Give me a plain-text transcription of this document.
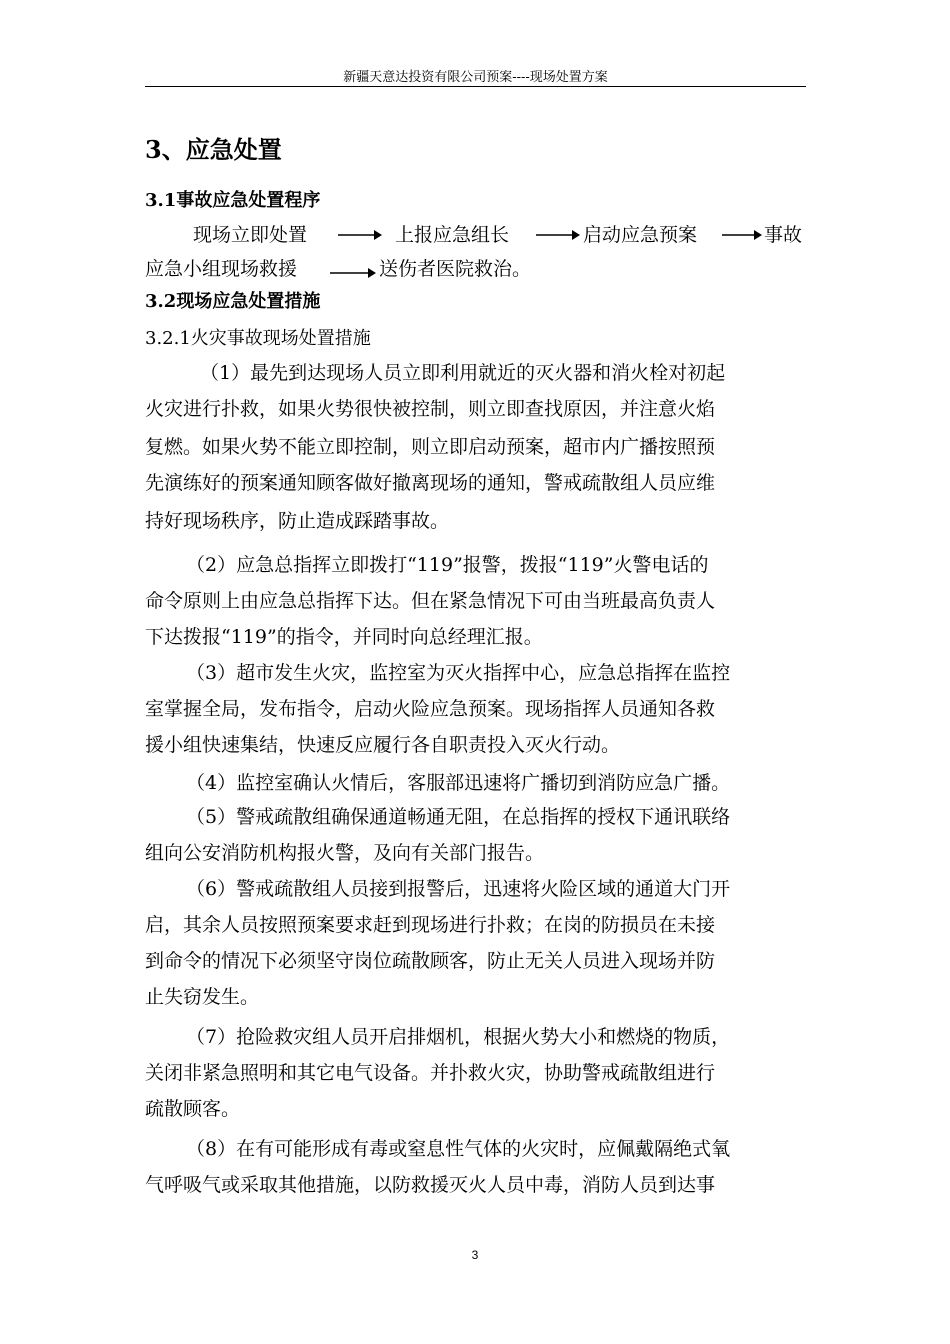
新疆天意达投资有限公司预案----现场处置方案
3、应急处置
3.1事故应急处置程序
现场立即处置	上报应急组长	启动应急预案	事故
应急小组现场救援	送伤者医院救治。
3.2现场应急处置措施
3.2.1火灾事故现场处置措施
（1）最先到达现场人员立即利用就近的灭火器和消火栓对初起
火灾进行扑救，如果火势很快被控制，则立即查找原因，并注意火焰
复燃。如果火势不能立即控制，则立即启动预案，超市内广播按照预
先演练好的预案通知顾客做好撤离现场的通知，警戒疏散组人员应维
持好现场秩序，防止造成踩踏事故。
（2）应急总指挥立即拨打“119”报警，拨报“119”火警电话的
命令原则上由应急总指挥下达。但在紧急情况下可由当班最高负责人
下达拨报“119”的指令，并同时向总经理汇报。
（3）超市发生火灾，监控室为灭火指挥中心，应急总指挥在监控
室掌握全局，发布指令，启动火险应急预案。现场指挥人员通知各救
援小组快速集结，快速反应履行各自职责投入灭火行动。
（4）监控室确认火情后，客服部迅速将广播切到消防应急广播。
（5）警戒疏散组确保通道畅通无阻，在总指挥的授权下通讯联络
组向公安消防机构报火警，及向有关部门报告。
（6）警戒疏散组人员接到报警后，迅速将火险区域的通道大门开
启，其余人员按照预案要求赶到现场进行扑救；在岗的防损员在未接
到命令的情况下必须坚守岗位疏散顾客，防止无关人员进入现场并防
止失窃发生。
（7）抢险救灾组人员开启排烟机，根据火势大小和燃烧的物质，
关闭非紧急照明和其它电气设备。并扑救火灾，协助警戒疏散组进行
疏散顾客。
（8）在有可能形成有毒或窒息性气体的火灾时，应佩戴隔绝式氧
气呼吸气或采取其他措施，以防救援灭火人员中毒，消防人员到达事
3
